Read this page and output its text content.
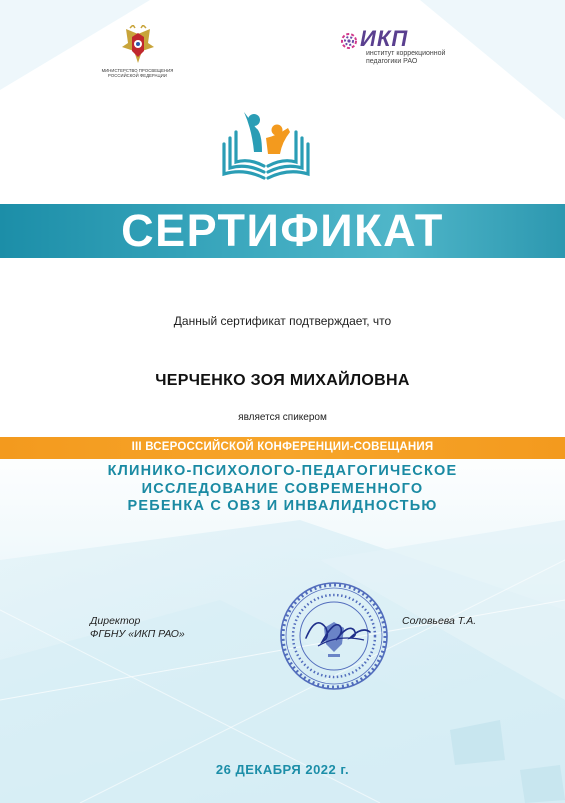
МИНИСТЕРСТВО ПРОСВЕЩЕНИЯ РОССИЙСКОЙ ФЕДЕРАЦИИ
ИКП
институт коррекционной педагогики РАО
СЕРТИФИКАТ
Данный сертификат подтверждает, что
ЧЕРЧЕНКО ЗОЯ МИХАЙЛОВНА
является спикером
III ВСЕРОССИЙСКОЙ КОНФЕРЕНЦИИ-СОВЕЩАНИЯ
КЛИНИКО-ПСИХОЛОГО-ПЕДАГОГИЧЕСКОЕ
ИССЛЕДОВАНИЕ СОВРЕМЕННОГО
РЕБЕНКА С ОВЗ И ИНВАЛИДНОСТЬЮ
Директор
ФГБНУ «ИКП РАО»
Соловьева Т.А.
26 ДЕКАБРЯ 2022 г.
